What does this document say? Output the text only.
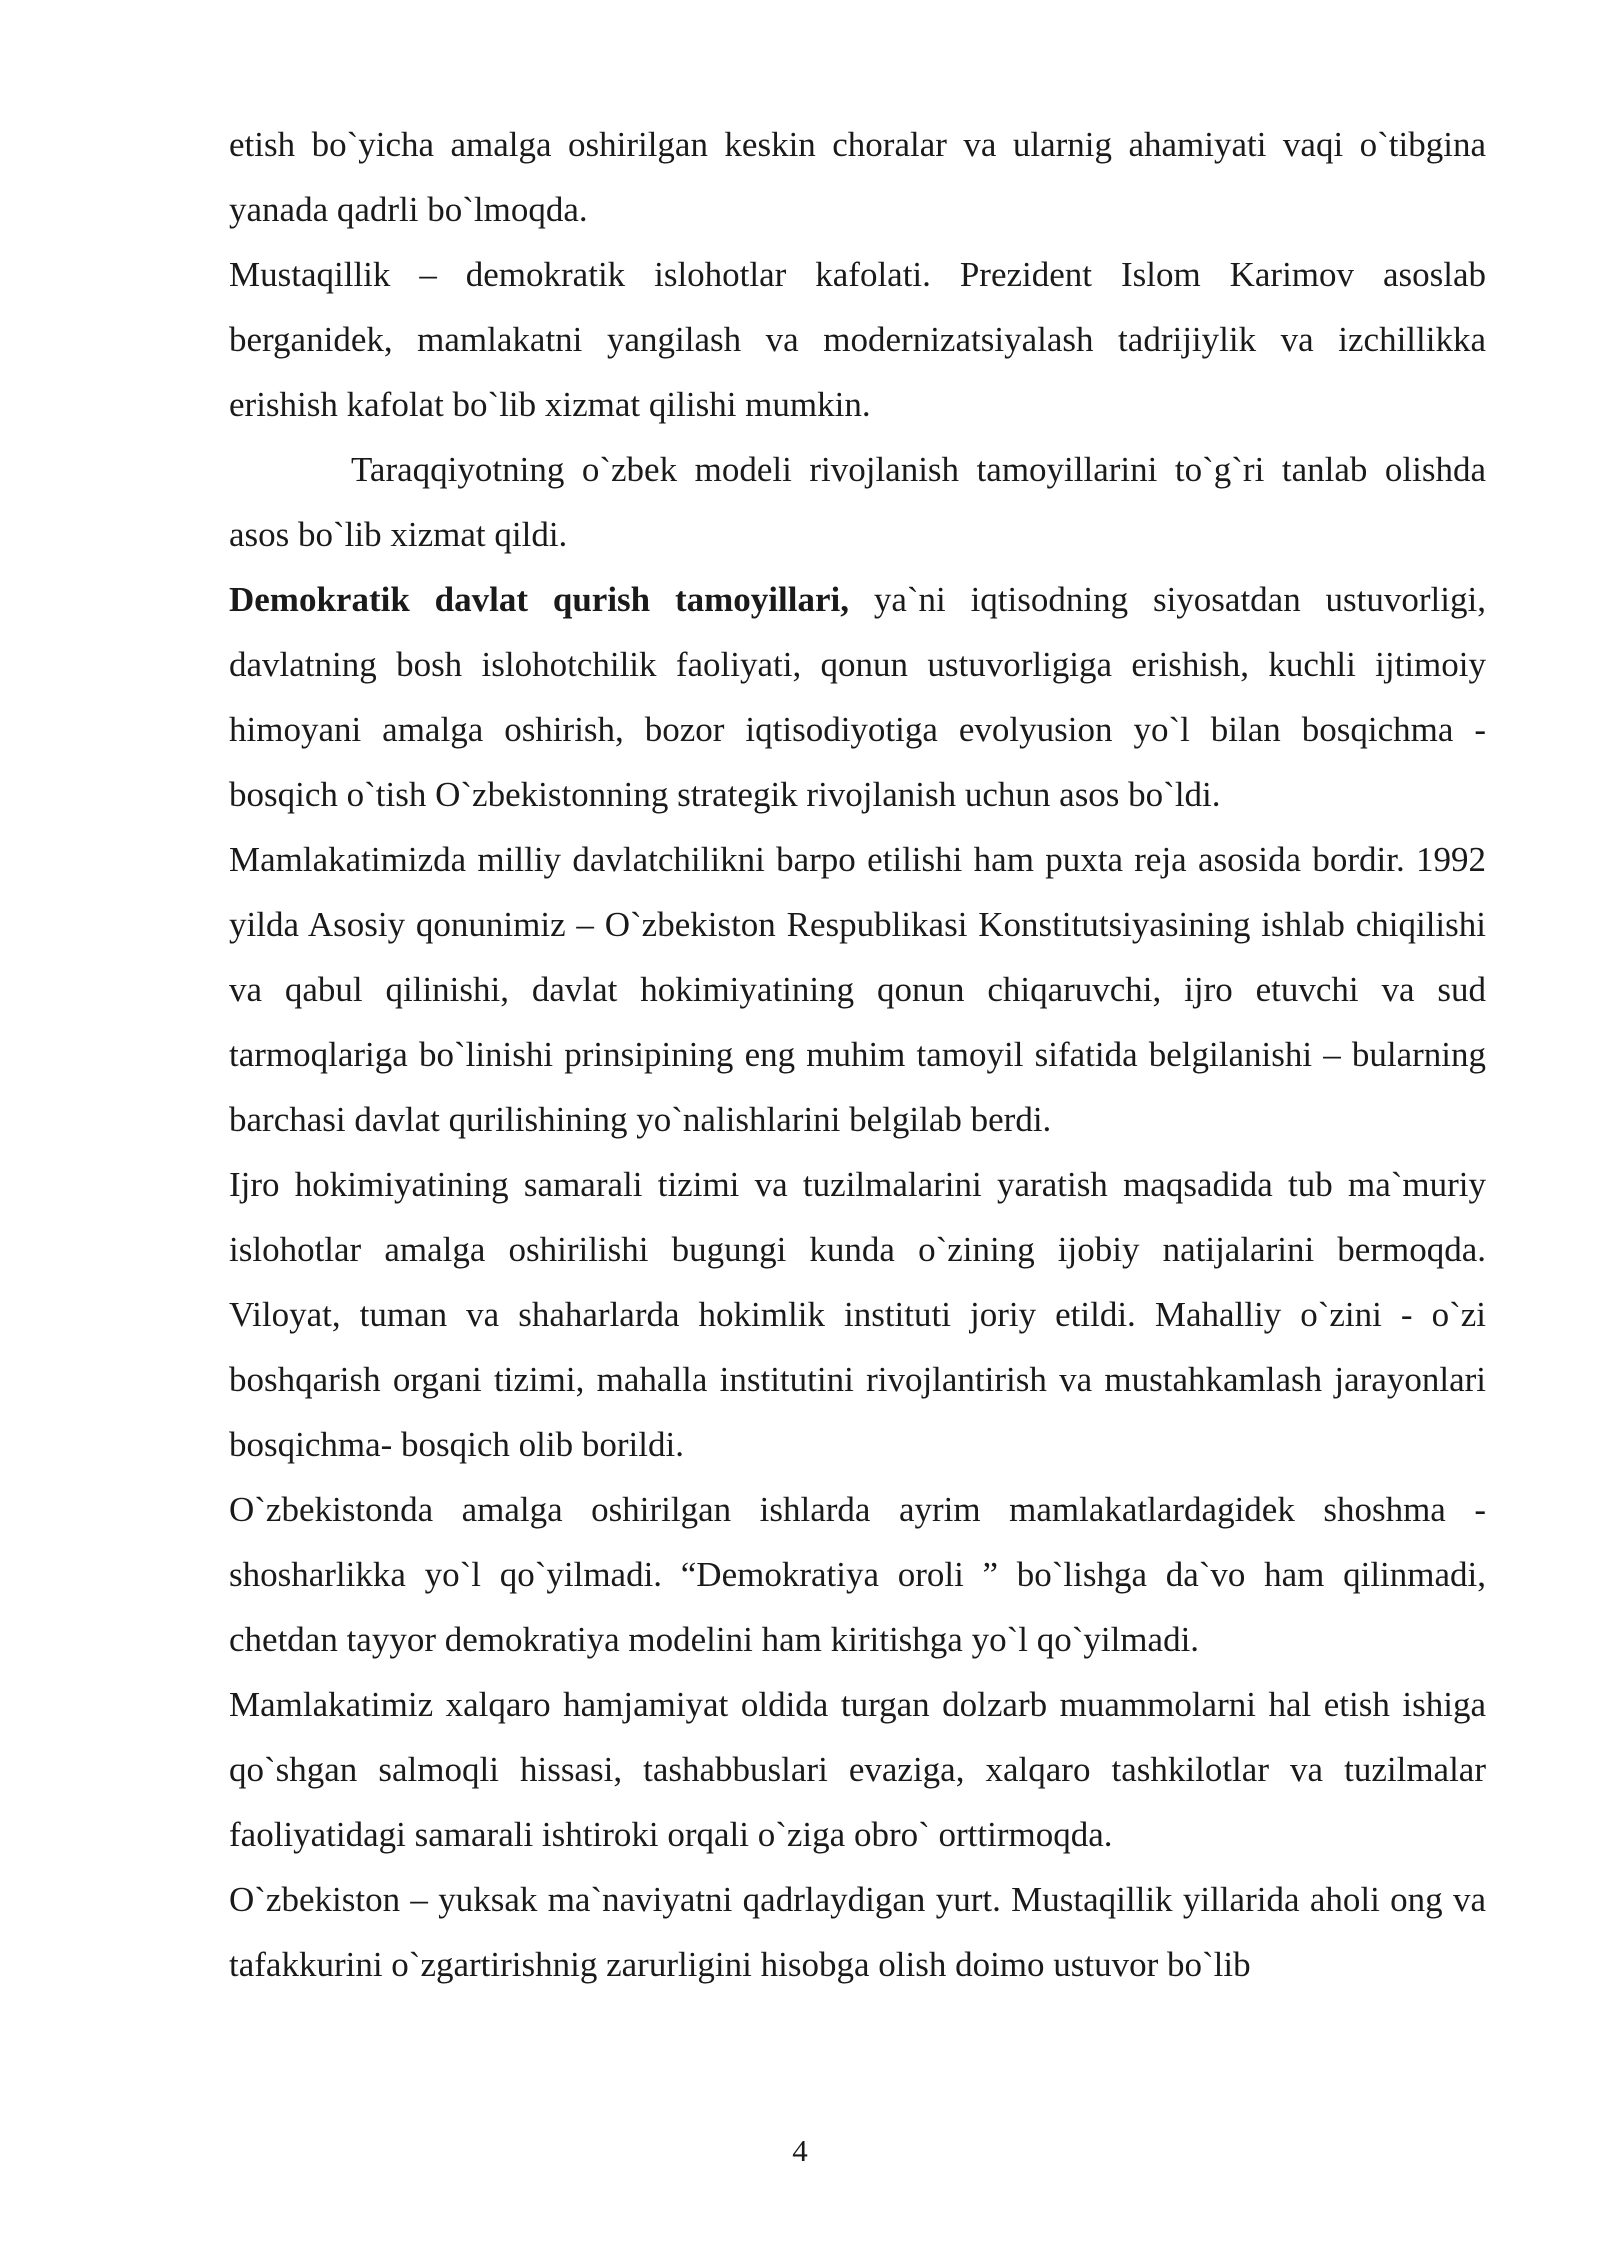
etish bo`yicha amalga oshirilgan keskin choralar va ularnig ahamiyati vaqi o`tibgina yanada qadrli bo`lmoqda.

Mustaqillik – demokratik islohotlar kafolati. Prezident Islom Karimov asoslab berganidek, mamlakatni yangilash va modernizatsiyalash tadrijiylik va izchillikka erishish kafolat bo`lib xizmat qilishi mumkin.

Taraqqiyotning o`zbek modeli rivojlanish tamoyillarini to`g`ri tanlab olishda asos bo`lib xizmat qildi.

Demokratik davlat qurish tamoyillari, ya`ni iqtisodning siyosatdan ustuvorligi, davlatning bosh islohotchilik faoliyati, qonun ustuvorligiga erishish, kuchli ijtimoiy himoyani amalga oshirish, bozor iqtisodiyotiga evolyusion yo`l bilan bosqichma - bosqich o`tish O`zbekistonning strategik rivojlanish uchun asos bo`ldi.

Mamlakatimizda milliy davlatchilikni barpo etilishi ham puxta reja asosida bordir. 1992 yilda Asosiy qonunimiz – O`zbekiston Respublikasi Konstitutsiyasining ishlab chiqilishi va qabul qilinishi, davlat hokimiyatining qonun chiqaruvchi, ijro etuvchi va sud tarmoqlariga bo`linishi prinsipining eng muhim tamoyil sifatida belgilanishi – bularning barchasi davlat qurilishining yo`nalishlarini belgilab berdi.

Ijro hokimiyatining samarali tizimi va tuzilmalarini yaratish maqsadida tub ma`muriy islohotlar amalga oshirilishi bugungi kunda o`zining ijobiy natijalarini bermoqda. Viloyat, tuman va shaharlarda hokimlik instituti joriy etildi. Mahalliy o`zini - o`zi boshqarish organi tizimi, mahalla institutini rivojlantirish va mustahkamlash jarayonlari bosqichma- bosqich olib borildi.

O`zbekistonda amalga oshirilgan ishlarda ayrim mamlakatlardagidek shoshma - shosharlikka yo`l qo`yilmadi. “Demokratiya oroli ” bo`lishga da`vo ham qilinmadi, chetdan tayyor demokratiya modelini ham kiritishga yo`l qo`yilmadi.

Mamlakatimiz xalqaro hamjamiyat oldida turgan dolzarb muammolarni hal etish ishiga qo`shgan salmoqli hissasi, tashabbuslari evaziga, xalqaro tashkilotlar va tuzilmalar faoliyatidagi samarali ishtiroki orqali o`ziga obro` orttirmoqda.

O`zbekiston – yuksak ma`naviyatni qadrlaydigan yurt. Mustaqillik yillarida aholi ong va tafakkurini o`zgartirishnig zarurligini hisobga olish doimo ustuvor bo`lib

4
